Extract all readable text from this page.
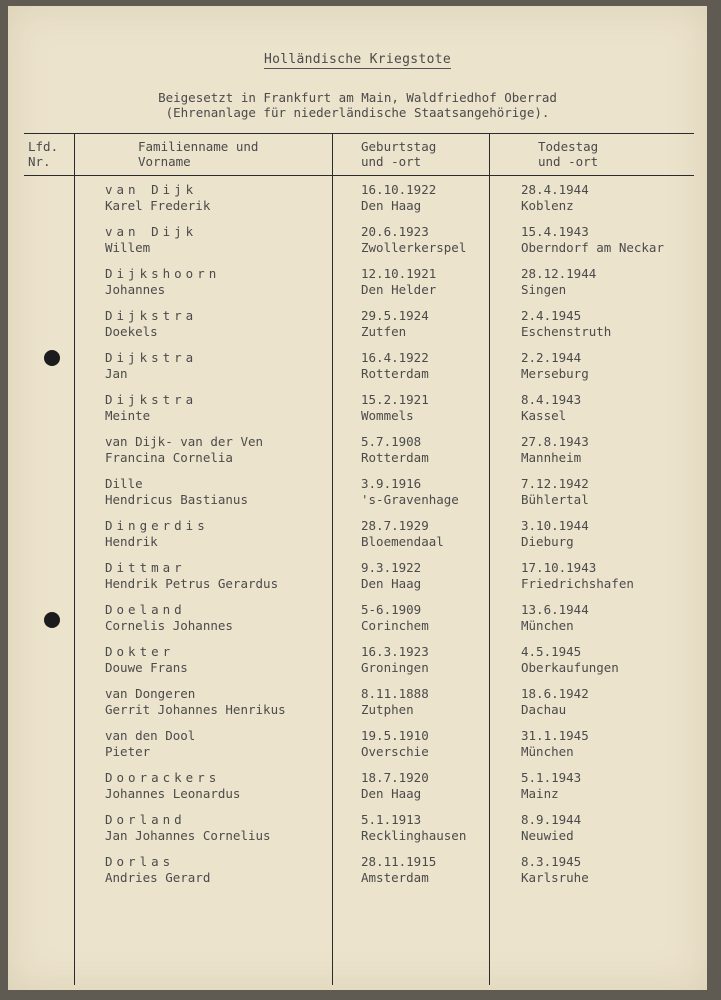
Holländische Kriegstote
Beigesetzt in Frankfurt am Main, Waldfriedhof Oberrad
(Ehrenanlage für niederländische Staatsangehörige).
Lfd.
Nr.
Familienname und
Vorname
Geburtstag
und -ort
Todestag
und -ort
van Dijk
Karel Frederik
16.10.1922
Den Haag
28.4.1944
Koblenz
van Dijk
Willem
20.6.1923
Zwollerkerspel
15.4.1943
Oberndorf am Neckar
Dijkshoorn
Johannes
12.10.1921
Den Helder
28.12.1944
Singen
Dijkstra
Doekels
29.5.1924
Zutfen
2.4.1945
Eschenstruth
Dijkstra
Jan
16.4.1922
Rotterdam
2.2.1944
Merseburg
Dijkstra
Meinte
15.2.1921
Wommels
8.4.1943
Kassel
van Dijk- van der Ven
Francina Cornelia
5.7.1908
Rotterdam
27.8.1943
Mannheim
Dille
Hendricus Bastianus
3.9.1916
's-Gravenhage
7.12.1942
Bühlertal
Dingerdis
Hendrik
28.7.1929
Bloemendaal
3.10.1944
Dieburg
Dittmar
Hendrik Petrus Gerardus
9.3.1922
Den Haag
17.10.1943
Friedrichshafen
Doeland
Cornelis Johannes
5-6.1909
Corinchem
13.6.1944
München
Dokter
Douwe Frans
16.3.1923
Groningen
4.5.1945
Oberkaufungen
van Dongeren
Gerrit Johannes Henrikus
8.11.1888
Zutphen
18.6.1942
Dachau
van den Dool
Pieter
19.5.1910
Overschie
31.1.1945
München
Doorackers
Johannes Leonardus
18.7.1920
Den Haag
5.1.1943
Mainz
Dorland
Jan Johannes Cornelius
5.1.1913
Recklinghausen
8.9.1944
Neuwied
Dorlas
Andries Gerard
28.11.1915
Amsterdam
8.3.1945
Karlsruhe
